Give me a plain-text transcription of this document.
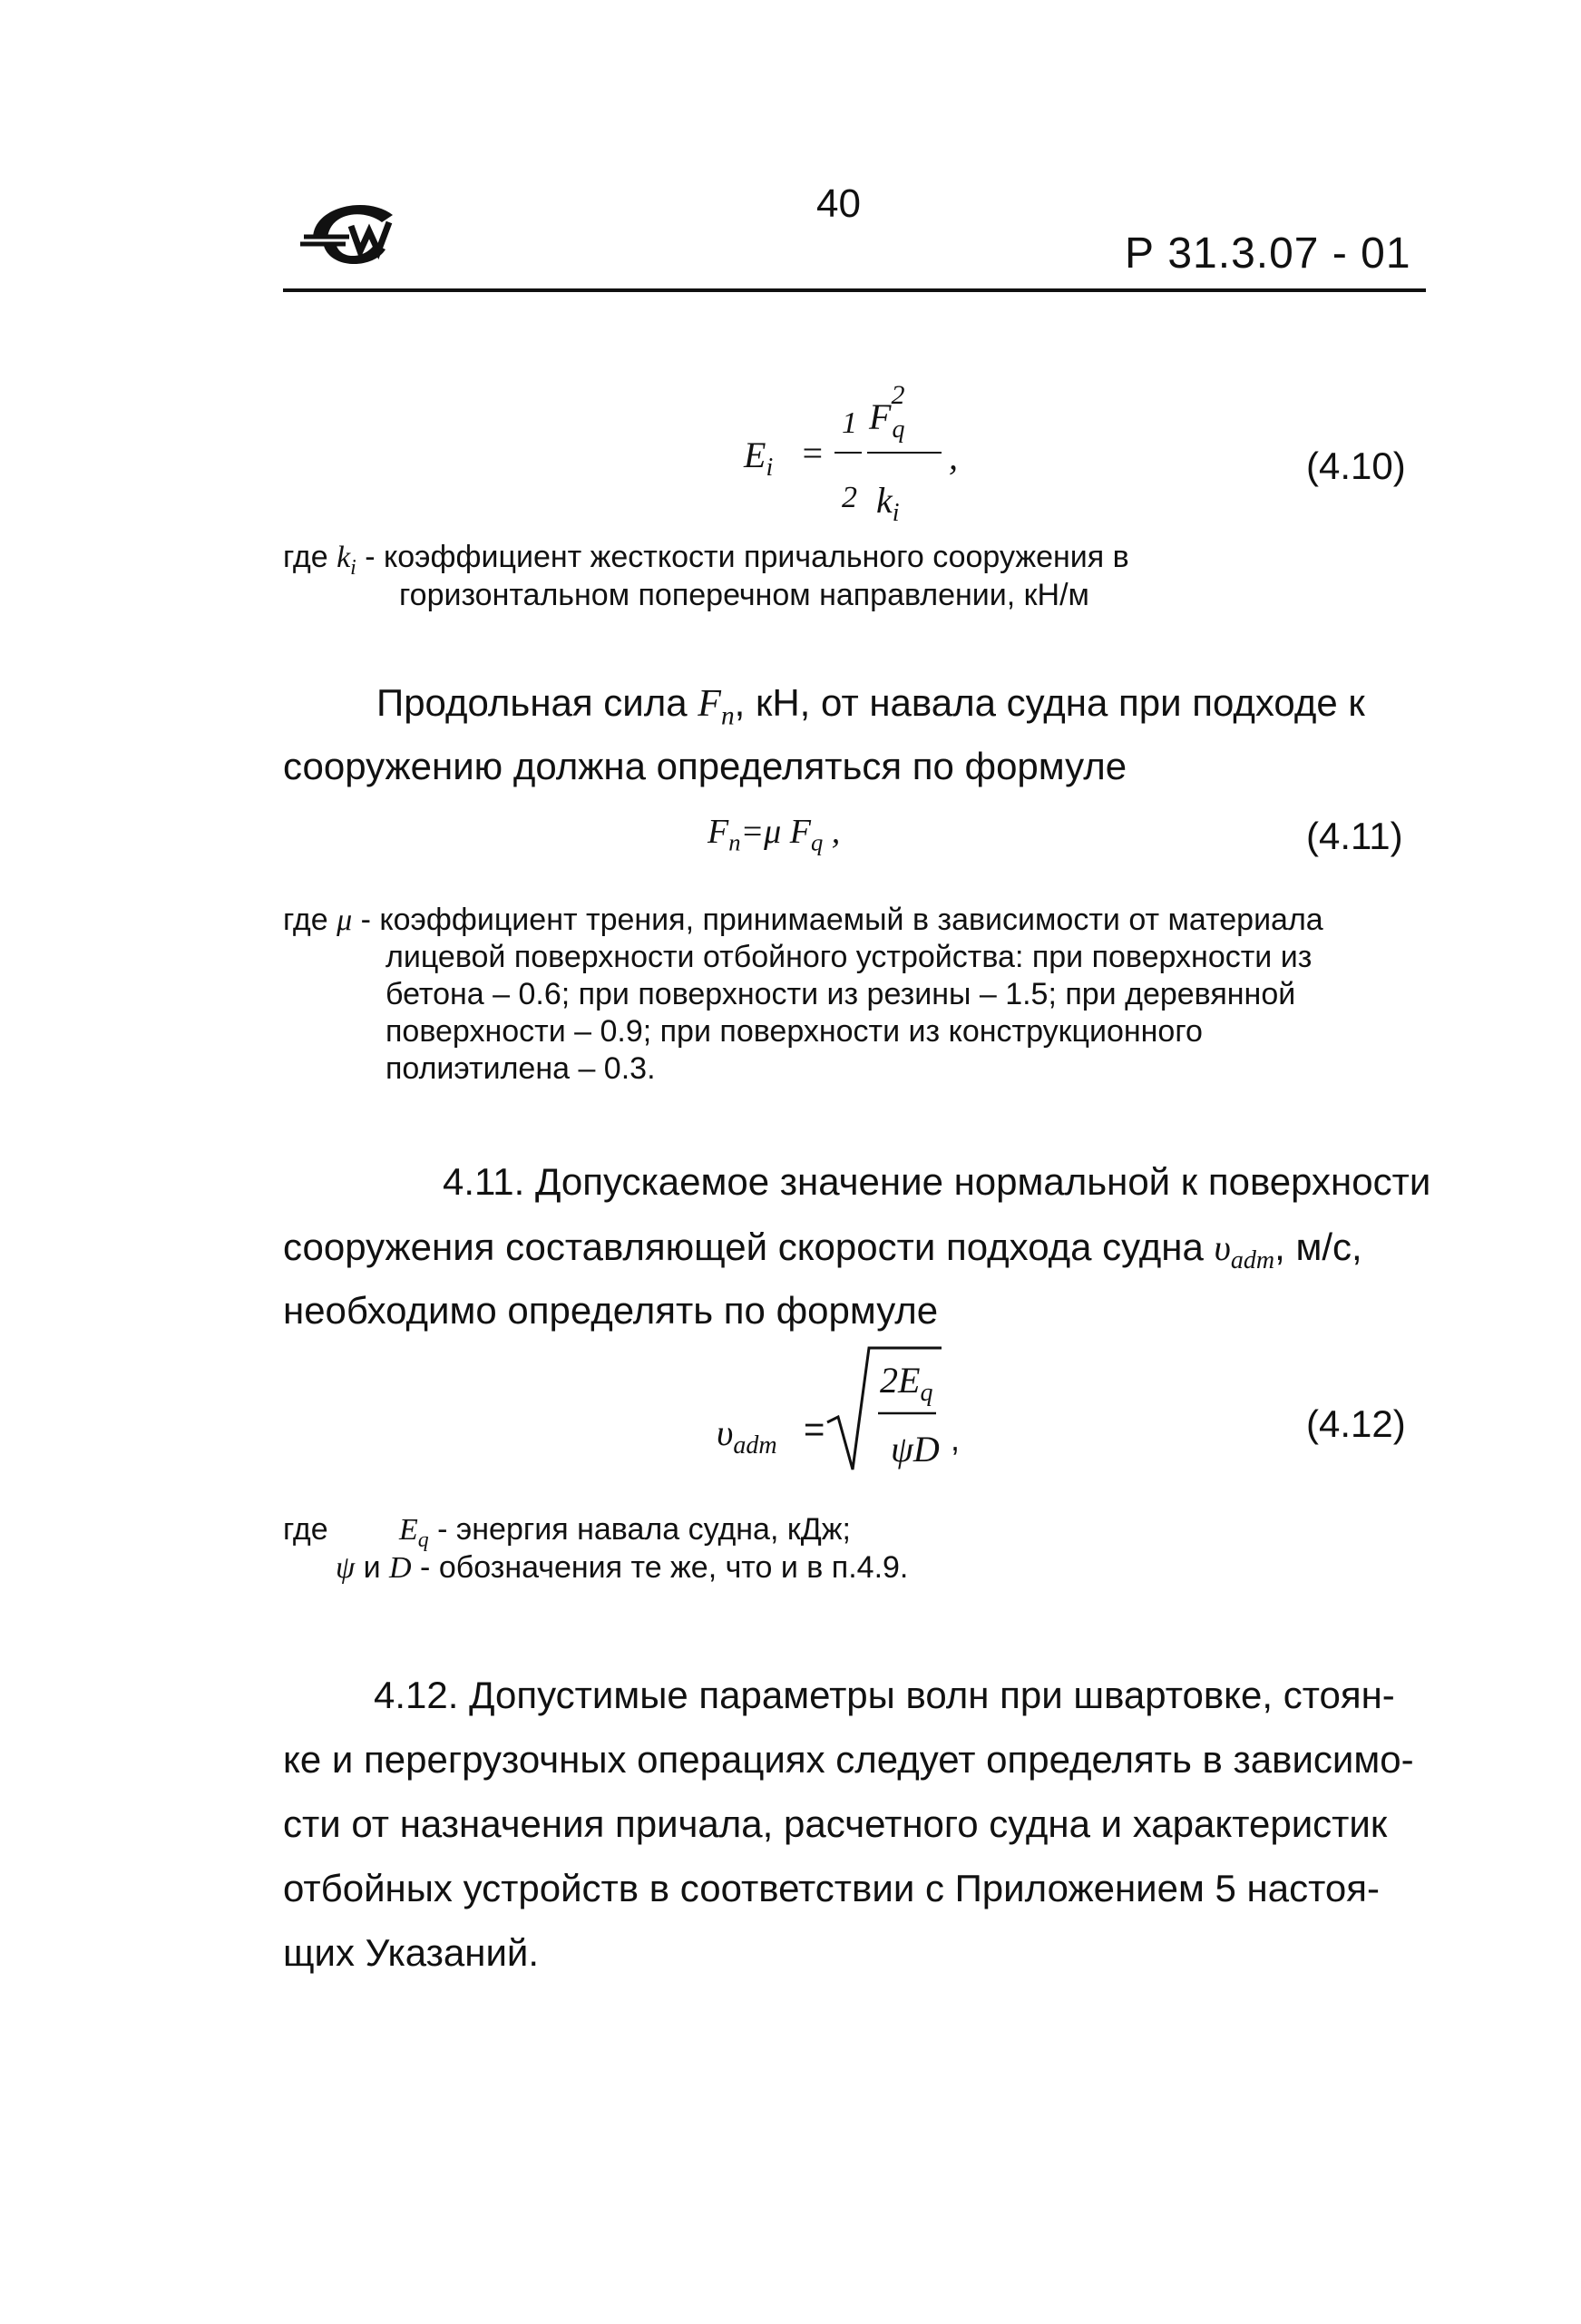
40
Р 31.3.07 - 01
$E_i$ =
1
2
$F^2_q$
$k_i$
,	(4.10)
где $k_i$ - коэффициент жесткости причального сооружения в
горизонтальном поперечном направлении, кН/м
Продольная сила $F_n$, кН, от навала судна при подходе к
сооружению должна определяться по формуле
$F_n=\mu$ $F_q$ ,	(4.11)
где μ - коэффициент трения, принимаемый в зависимости от материала
лицевой поверхности отбойного устройства: при поверхности из
бетона – 0.6; при поверхности из резины – 1.5; при деревянной
поверхности – 0.9; при поверхности из конструкционного
полиэтилена – 0.3.
4.11. Допускаемое значение нормальной к поверхности
сооружения составляющей скорости подхода судна $\upsilon_{adm}$, м/с,
необходимо определять по формуле
$\upsilon_{adm}$ =
$2E_q$
ψD ,	(4.12)
где $E_q$ - энергия навала судна, кДж;
ψ и D - обозначения те же, что и в п.4.9.
4.12. Допустимые параметры волн при швартовке, стоян-
ке и перегрузочных операциях следует определять в зависимо-
сти от назначения причала, расчетного судна и характеристик
отбойных устройств в соответствии с Приложением 5 настоя-
щих Указаний.
